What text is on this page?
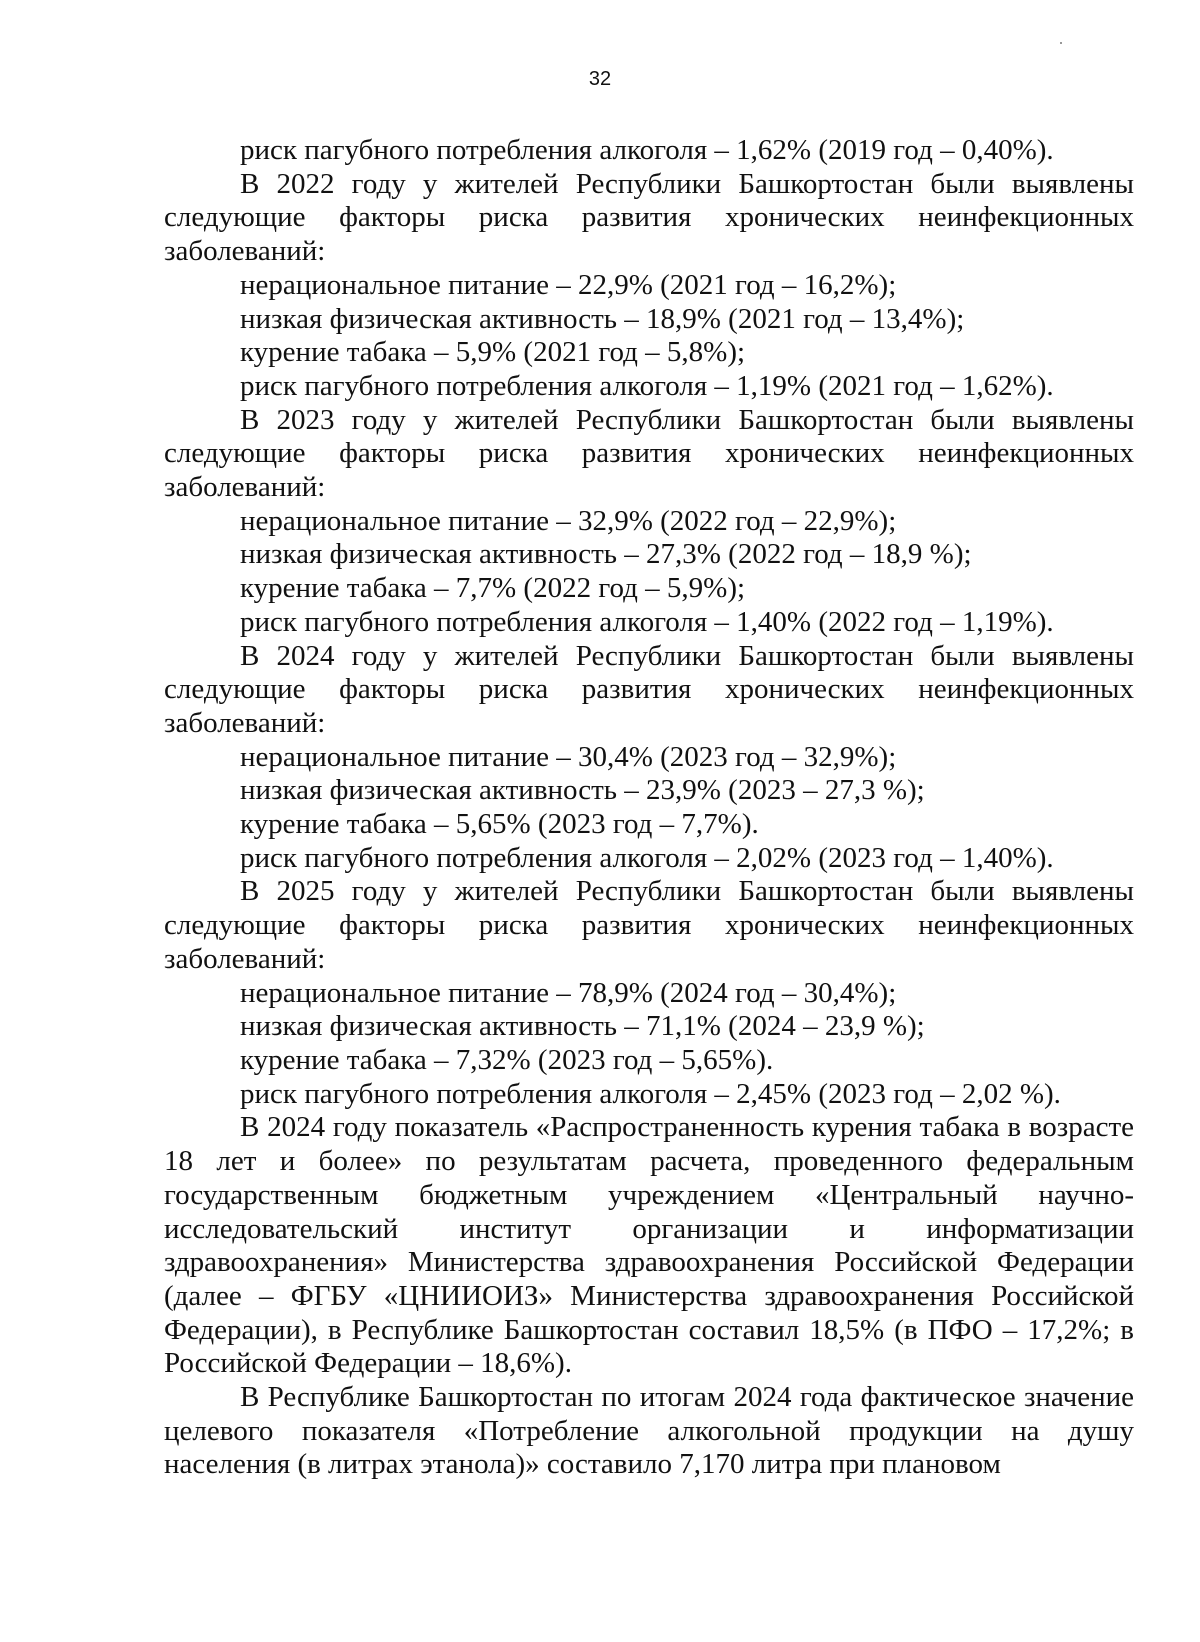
32

риск пагубного потребления алкоголя – 1,62% (2019 год – 0,40%).

В 2022 году у жителей Республики Башкортостан были выявлены следующие факторы риска развития хронических неинфекционных заболеваний:

нерациональное питание – 22,9% (2021 год – 16,2%);

низкая физическая активность – 18,9% (2021 год – 13,4%);

курение табака – 5,9% (2021 год – 5,8%);

риск пагубного потребления алкоголя – 1,19% (2021 год – 1,62%).

В 2023 году у жителей Республики Башкортостан были выявлены следующие факторы риска развития хронических неинфекционных заболеваний:

нерациональное питание – 32,9% (2022 год – 22,9%);

низкая физическая активность – 27,3% (2022 год – 18,9 %);

курение табака – 7,7% (2022 год – 5,9%);

риск пагубного потребления алкоголя – 1,40% (2022 год – 1,19%).

В 2024 году у жителей Республики Башкортостан были выявлены следующие факторы риска развития хронических неинфекционных заболеваний:

нерациональное питание – 30,4% (2023 год – 32,9%);

низкая физическая активность – 23,9% (2023 – 27,3 %);

курение табака – 5,65% (2023 год – 7,7%).

риск пагубного потребления алкоголя – 2,02% (2023 год – 1,40%).

В 2025 году у жителей Республики Башкортостан были выявлены следующие факторы риска развития хронических неинфекционных заболеваний:

нерациональное питание – 78,9% (2024 год – 30,4%);

низкая физическая активность – 71,1% (2024 – 23,9 %);

курение табака – 7,32% (2023 год – 5,65%).

риск пагубного потребления алкоголя – 2,45% (2023 год – 2,02 %).

В 2024 году показатель «Распространенность курения табака в возрасте 18 лет и более» по результатам расчета, проведенного федеральным государственным бюджетным учреждением «Центральный научно-исследовательский институт организации и информатизации здравоохранения» Министерства здравоохранения Российской Федерации (далее – ФГБУ «ЦНИИОИЗ» Министерства здравоохранения Российской Федерации), в Республике Башкортостан составил 18,5% (в ПФО – 17,2%; в Российской Федерации – 18,6%).

В Республике Башкортостан по итогам 2024 года фактическое значение целевого показателя «Потребление алкогольной продукции на душу населения (в литрах этанола)» составило 7,170 литра при плановом
